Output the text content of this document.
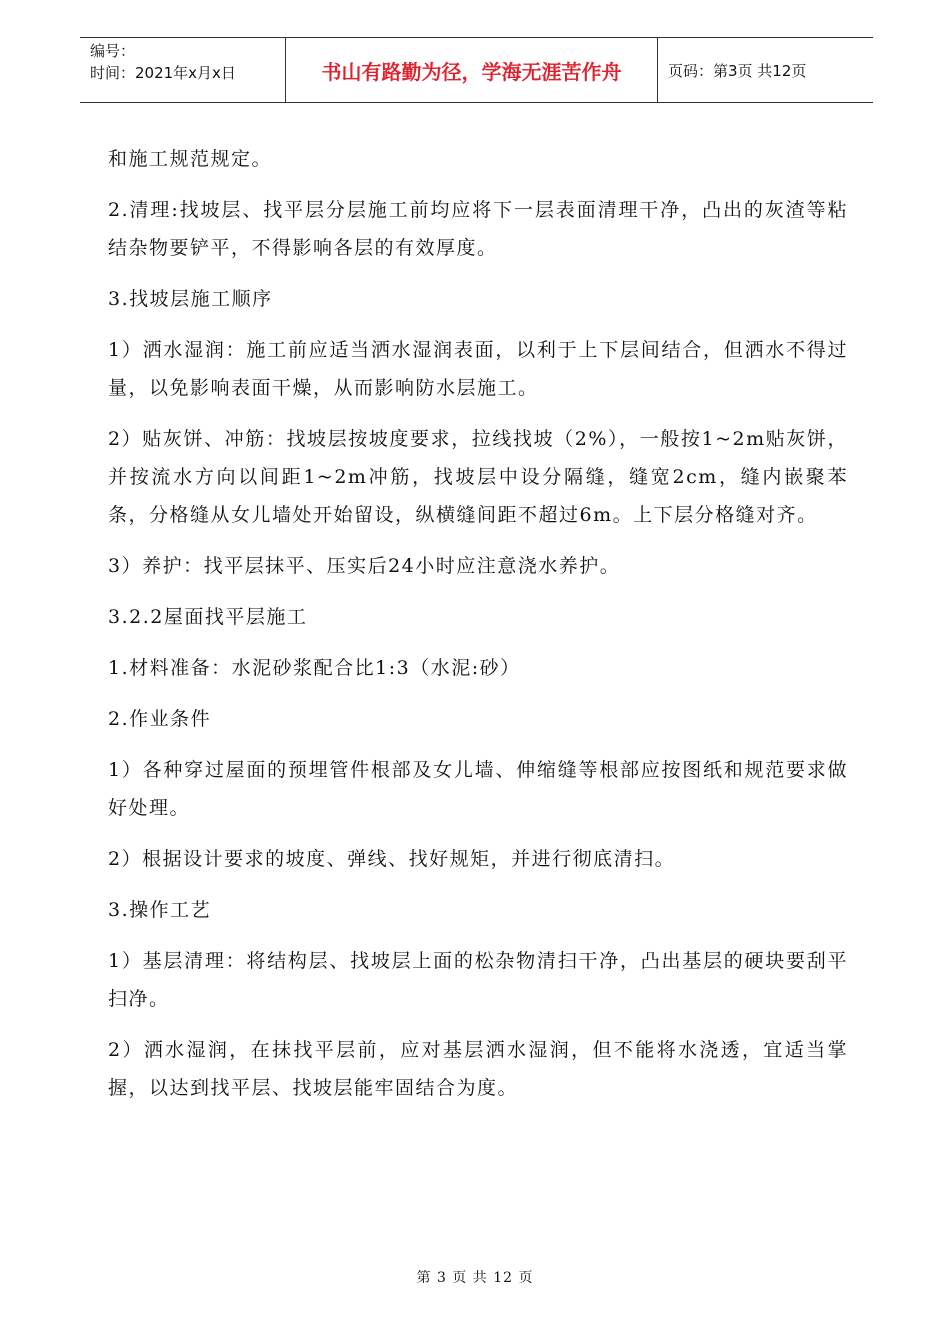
编号：
时间：2021年x月x日	书山有路勤为径，学海无涯苦作舟	页码：第3页 共12页

和施工规范规定。

2.清理:找坡层、找平层分层施工前均应将下一层表面清理干净，凸出的灰渣等粘结杂物要铲平，不得影响各层的有效厚度。

3.找坡层施工顺序

1）洒水湿润：施工前应适当洒水湿润表面，以利于上下层间结合，但洒水不得过量，以免影响表面干燥，从而影响防水层施工。

2）贴灰饼、冲筋：找坡层按坡度要求，拉线找坡（2%），一般按1~2m贴灰饼，并按流水方向以间距1~2m冲筋，找坡层中设分隔缝，缝宽2cm，缝内嵌聚苯条，分格缝从女儿墙处开始留设，纵横缝间距不超过6m。上下层分格缝对齐。

3）养护：找平层抹平、压实后24小时应注意浇水养护。

3.2.2屋面找平层施工

1.材料准备：水泥砂浆配合比1:3（水泥:砂）

2.作业条件

1）各种穿过屋面的预埋管件根部及女儿墙、伸缩缝等根部应按图纸和规范要求做好处理。

2）根据设计要求的坡度、弹线、找好规矩，并进行彻底清扫。

3.操作工艺

1）基层清理：将结构层、找坡层上面的松杂物清扫干净，凸出基层的硬块要刮平扫净。

2）洒水湿润，在抹找平层前，应对基层洒水湿润，但不能将水浇透，宜适当掌握，以达到找平层、找坡层能牢固结合为度。

第 3 页 共 12 页
